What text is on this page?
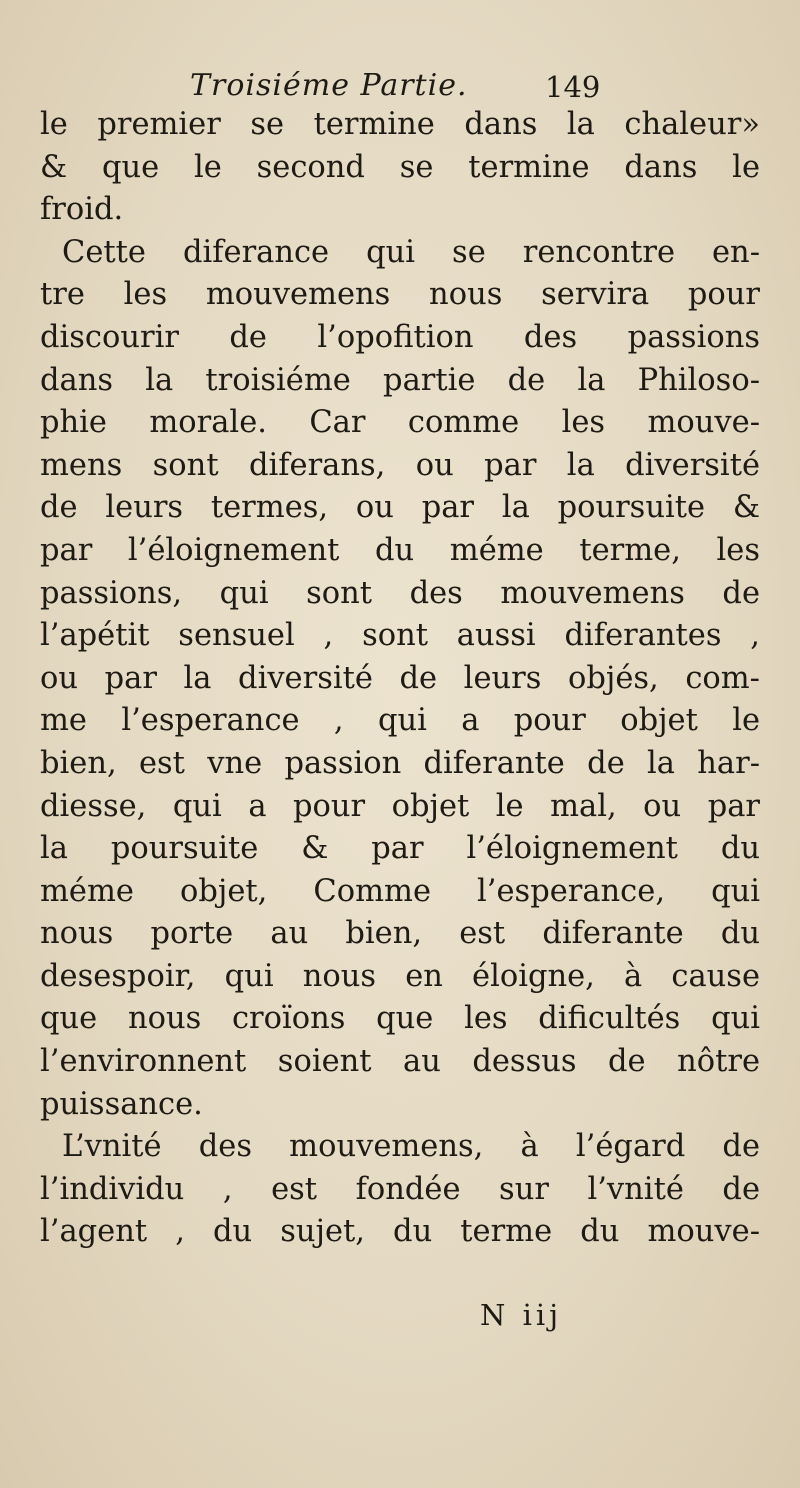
Troisiéme Partie.	149
le premier se termine dans la chaleur»
& que le second se termine dans le
froid.
Cette diferance qui se rencontre en-
tre les mouvemens nous servira pour
discourir de l’opofition des passions
dans la troisiéme partie de la Philoso-
phie morale. Car comme les mouve-
mens sont diferans, ou par la diversité
de leurs termes, ou par la poursuite &
par l’éloignement du méme terme, les
passions, qui sont des mouvemens de
l’apétit sensuel , sont aussi diferantes ,
ou par la diversité de leurs objés, com-
me l’esperance , qui a pour objet le
bien, est vne passion diferante de la har-
diesse, qui a pour objet le mal, ou par
la poursuite & par l’éloignement du
méme objet, Comme l’esperance, qui
nous porte au bien, est diferante du
desespoir, qui nous en éloigne, à cause
que nous croïons que les dificultés qui
l’environnent soient au dessus de nôtre
puissance.
L’vnité des mouvemens, à l’égard de
l’individu , est fondée sur l’vnité de
l’agent , du sujet, du terme du mouve-
N iij
